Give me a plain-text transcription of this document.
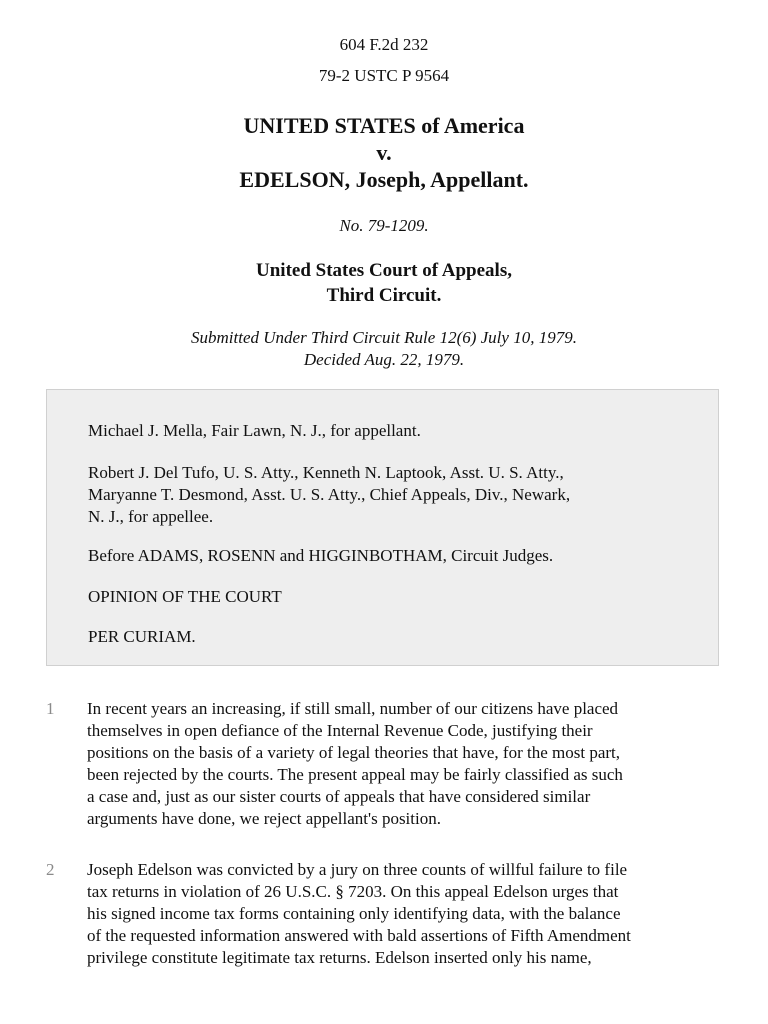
604 F.2d 232
79-2 USTC P 9564
UNITED STATES of America
v.
EDELSON, Joseph, Appellant.
No. 79-1209.
United States Court of Appeals,
Third Circuit.
Submitted Under Third Circuit Rule 12(6) July 10, 1979.
Decided Aug. 22, 1979.

Michael J. Mella, Fair Lawn, N. J., for appellant.

Robert J. Del Tufo, U. S. Atty., Kenneth N. Laptook, Asst. U. S. Atty.,

Maryanne T. Desmond, Asst. U. S. Atty., Chief Appeals, Div., Newark,

N. J., for appellee.

Before ADAMS, ROSENN and HIGGINBOTHAM, Circuit Judges.

OPINION OF THE COURT

PER CURIAM.

1 In recent years an increasing, if still small, number of our citizens have placed
themselves in open defiance of the Internal Revenue Code, justifying their
positions on the basis of a variety of legal theories that have, for the most part,
been rejected by the courts. The present appeal may be fairly classified as such
a case and, just as our sister courts of appeals that have considered similar
arguments have done, we reject appellant's position.
2 Joseph Edelson was convicted by a jury on three counts of willful failure to file
tax returns in violation of 26 U.S.C. § 7203. On this appeal Edelson urges that
his signed income tax forms containing only identifying data, with the balance
of the requested information answered with bald assertions of Fifth Amendment
privilege constitute legitimate tax returns. Edelson inserted only his name,
